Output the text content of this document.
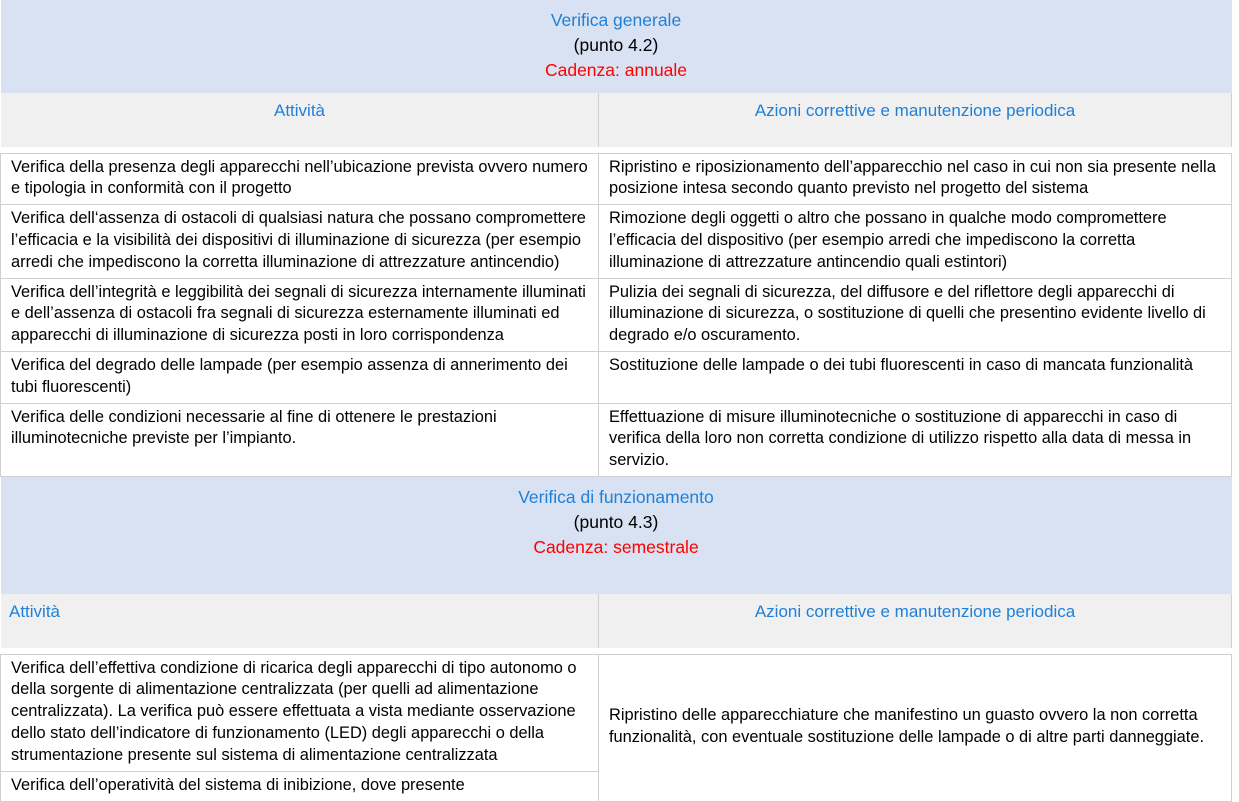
Verifica generale
(punto 4.2)
Cadenza: annuale	

Attività	Azioni correttive e manutenzione periodica

Verifica della presenza degli apparecchi nell’ubicazione prevista ovvero numero e tipologia in conformità con il progetto	Ripristino e riposizionamento dell’apparecchio nel caso in cui non sia presente nella posizione intesa secondo quanto previsto nel progetto del sistema
Verifica dell‘assenza di ostacoli di qualsiasi natura che possano compromettere l’efficacia e la visibilità dei dispositivi di illuminazione di sicurezza (per esempio arredi che impediscono la corretta illuminazione di attrezzature antincendio)	Rimozione degli oggetti o altro che possano in qualche modo compromettere l’efficacia del dispositivo (per esempio arredi che impediscono la corretta illuminazione di attrezzature antincendio quali estintori)
Verifica dell’integrità e leggibilità dei segnali di sicurezza internamente illuminati e dell’assenza di ostacoli fra segnali di sicurezza esternamente illuminati ed apparecchi di illuminazione di sicurezza posti in loro corrispondenza	Pulizia dei segnali di sicurezza, del diffusore e del riflettore degli apparecchi di illuminazione di sicurezza, o sostituzione di quelli che presentino evidente livello di degrado e/o oscuramento.
Verifica del degrado delle lampade (per esempio assenza di annerimento dei tubi fluorescenti)	Sostituzione delle lampade o dei tubi fluorescenti in caso di mancata funzionalità
Verifica delle condizioni necessarie al fine di ottenere le prestazioni illuminotecniche previste per l’impianto.	Effettuazione di misure illuminotecniche o sostituzione di apparecchi in caso di verifica della loro non corretta condizione di utilizzo rispetto alla data di messa in servizio.

Verifica di funzionamento
(punto 4.3)
Cadenza: semestrale	

Attività	Azioni correttive e manutenzione periodica

Verifica dell’effettiva condizione di ricarica degli apparecchi di tipo autonomo o della sorgente di alimentazione centralizzata (per quelli ad alimentazione centralizzata). La verifica può essere effettuata a vista mediante osservazione dello stato dell’indicatore di funzionamento (LED) degli apparecchi o della strumentazione presente sul sistema di alimentazione centralizzata	Ripristino delle apparecchiature che manifestino un guasto ovvero la non corretta funzionalità, con eventuale sostituzione delle lampade o di altre parti danneggiate.
Verifica dell’operatività del sistema di inibizione, dove presente	
